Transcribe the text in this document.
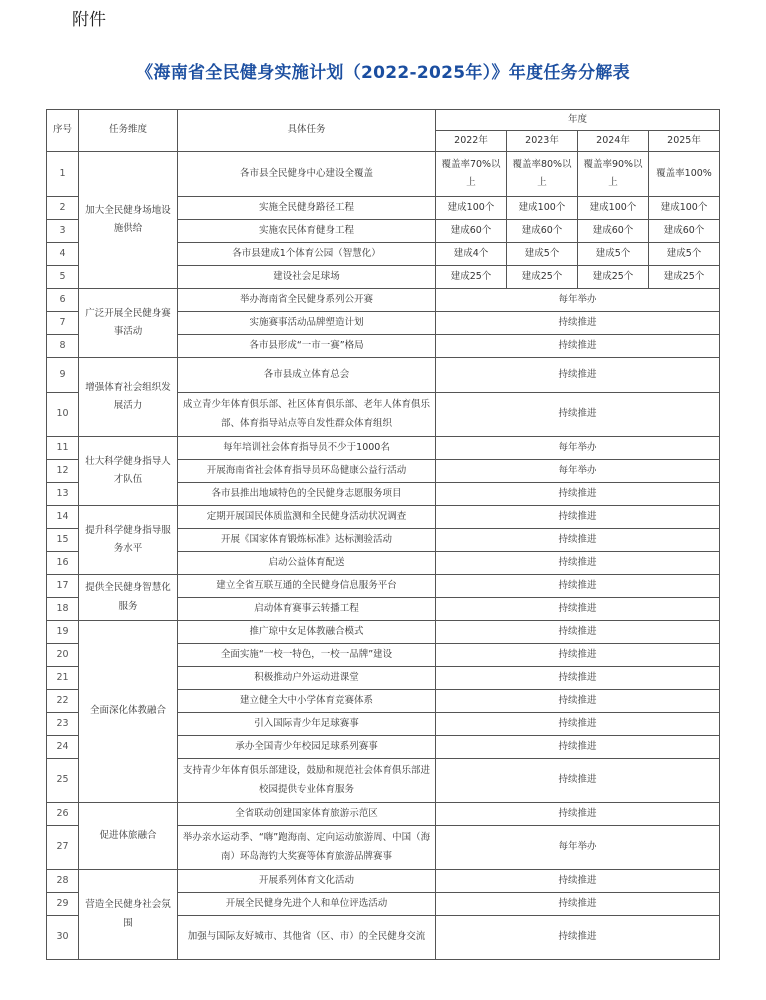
附件
《海南省全民健身实施计划（2022-2025年）》年度任务分解表
序号	任务维度	具体任务	年度			
			2022年	2023年	2024年	2025年
1	加大全民健身场地设施供给	各市县全民健身中心建设全覆盖	覆盖率70%以上	覆盖率80%以上	覆盖率90%以上	覆盖率100%
2		实施全民健身路径工程	建成100个	建成100个	建成100个	建成100个
3		实施农民体育健身工程	建成60个	建成60个	建成60个	建成60个
4		各市县建成1个体育公园（智慧化）	建成4个	建成5个	建成5个	建成5个
5		建设社会足球场	建成25个	建成25个	建成25个	建成25个
6	广泛开展全民健身赛事活动	举办海南省全民健身系列公开赛	每年举办			
7		实施赛事活动品牌塑造计划	持续推进			
8		各市县形成“一市一赛”格局	持续推进			
9	增强体育社会组织发展活力	各市县成立体育总会	持续推进			
10		成立青少年体育俱乐部、社区体育俱乐部、老年人体育俱乐部、体育指导站点等自发性群众体育组织	持续推进			
11	壮大科学健身指导人才队伍	每年培训社会体育指导员不少于1000名	每年举办			
12		开展海南省社会体育指导员环岛健康公益行活动	每年举办			
13		各市县推出地域特色的全民健身志愿服务项目	持续推进			
14	提升科学健身指导服务水平	定期开展国民体质监测和全民健身活动状况调查	持续推进			
15		开展《国家体育锻炼标准》达标测验活动	持续推进			
16		启动公益体育配送	持续推进			
17	提供全民健身智慧化服务	建立全省互联互通的全民健身信息服务平台	持续推进			
18		启动体育赛事云转播工程	持续推进			
19	全面深化体教融合	推广琼中女足体教融合模式	持续推进			
20		全面实施“一校一特色，一校一品牌”建设	持续推进			
21		积极推动户外运动进课堂	持续推进			
22		建立健全大中小学体育竞赛体系	持续推进			
23		引入国际青少年足球赛事	持续推进			
24		承办全国青少年校园足球系列赛事	持续推进			
25		支持青少年体育俱乐部建设，鼓励和规范社会体育俱乐部进校园提供专业体育服务	持续推进			
26	促进体旅融合	全省联动创建国家体育旅游示范区	持续推进			
27		举办亲水运动季、“嗨”跑海南、定向运动旅游周、中国（海南）环岛海钓大奖赛等体育旅游品牌赛事	每年举办			
28	营造全民健身社会氛围	开展系列体育文化活动	持续推进			
29		开展全民健身先进个人和单位评选活动	持续推进			
30		加强与国际友好城市、其他省（区、市）的全民健身交流	持续推进			
